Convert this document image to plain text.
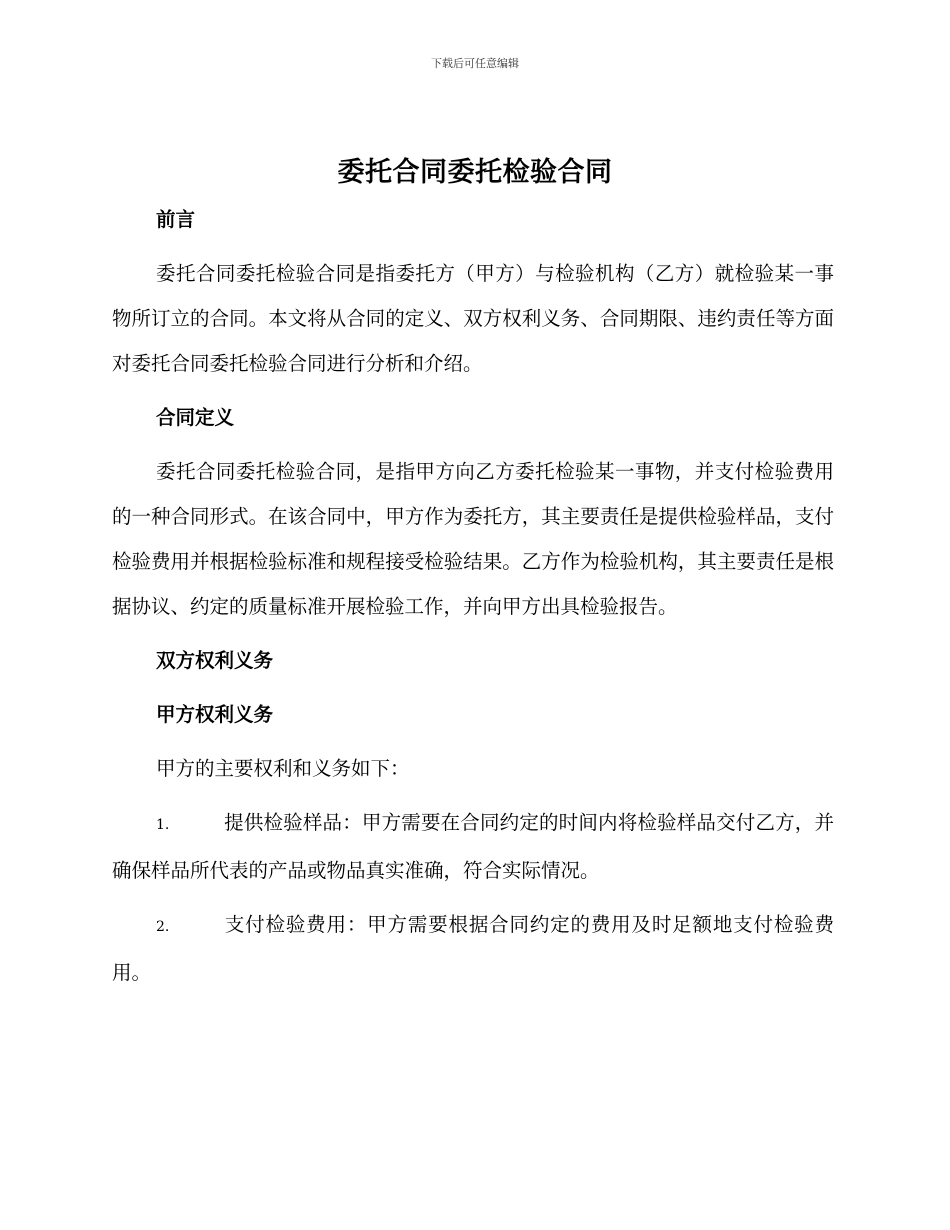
下载后可任意编辑
委托合同委托检验合同
前言
委托合同委托检验合同是指委托方（甲方）与检验机构（乙方）就检验某一事物所订立的合同。本文将从合同的定义、双方权利义务、合同期限、违约责任等方面对委托合同委托检验合同进行分析和介绍。
合同定义
委托合同委托检验合同，是指甲方向乙方委托检验某一事物，并支付检验费用的一种合同形式。在该合同中，甲方作为委托方，其主要责任是提供检验样品，支付检验费用并根据检验标准和规程接受检验结果。乙方作为检验机构，其主要责任是根据协议、约定的质量标准开展检验工作，并向甲方出具检验报告。
双方权利义务
甲方权利义务
甲方的主要权利和义务如下：
1.	提供检验样品：甲方需要在合同约定的时间内将检验样品交付乙方，并确保样品所代表的产品或物品真实准确，符合实际情况。
2.	支付检验费用：甲方需要根据合同约定的费用及时足额地支付检验费用。
